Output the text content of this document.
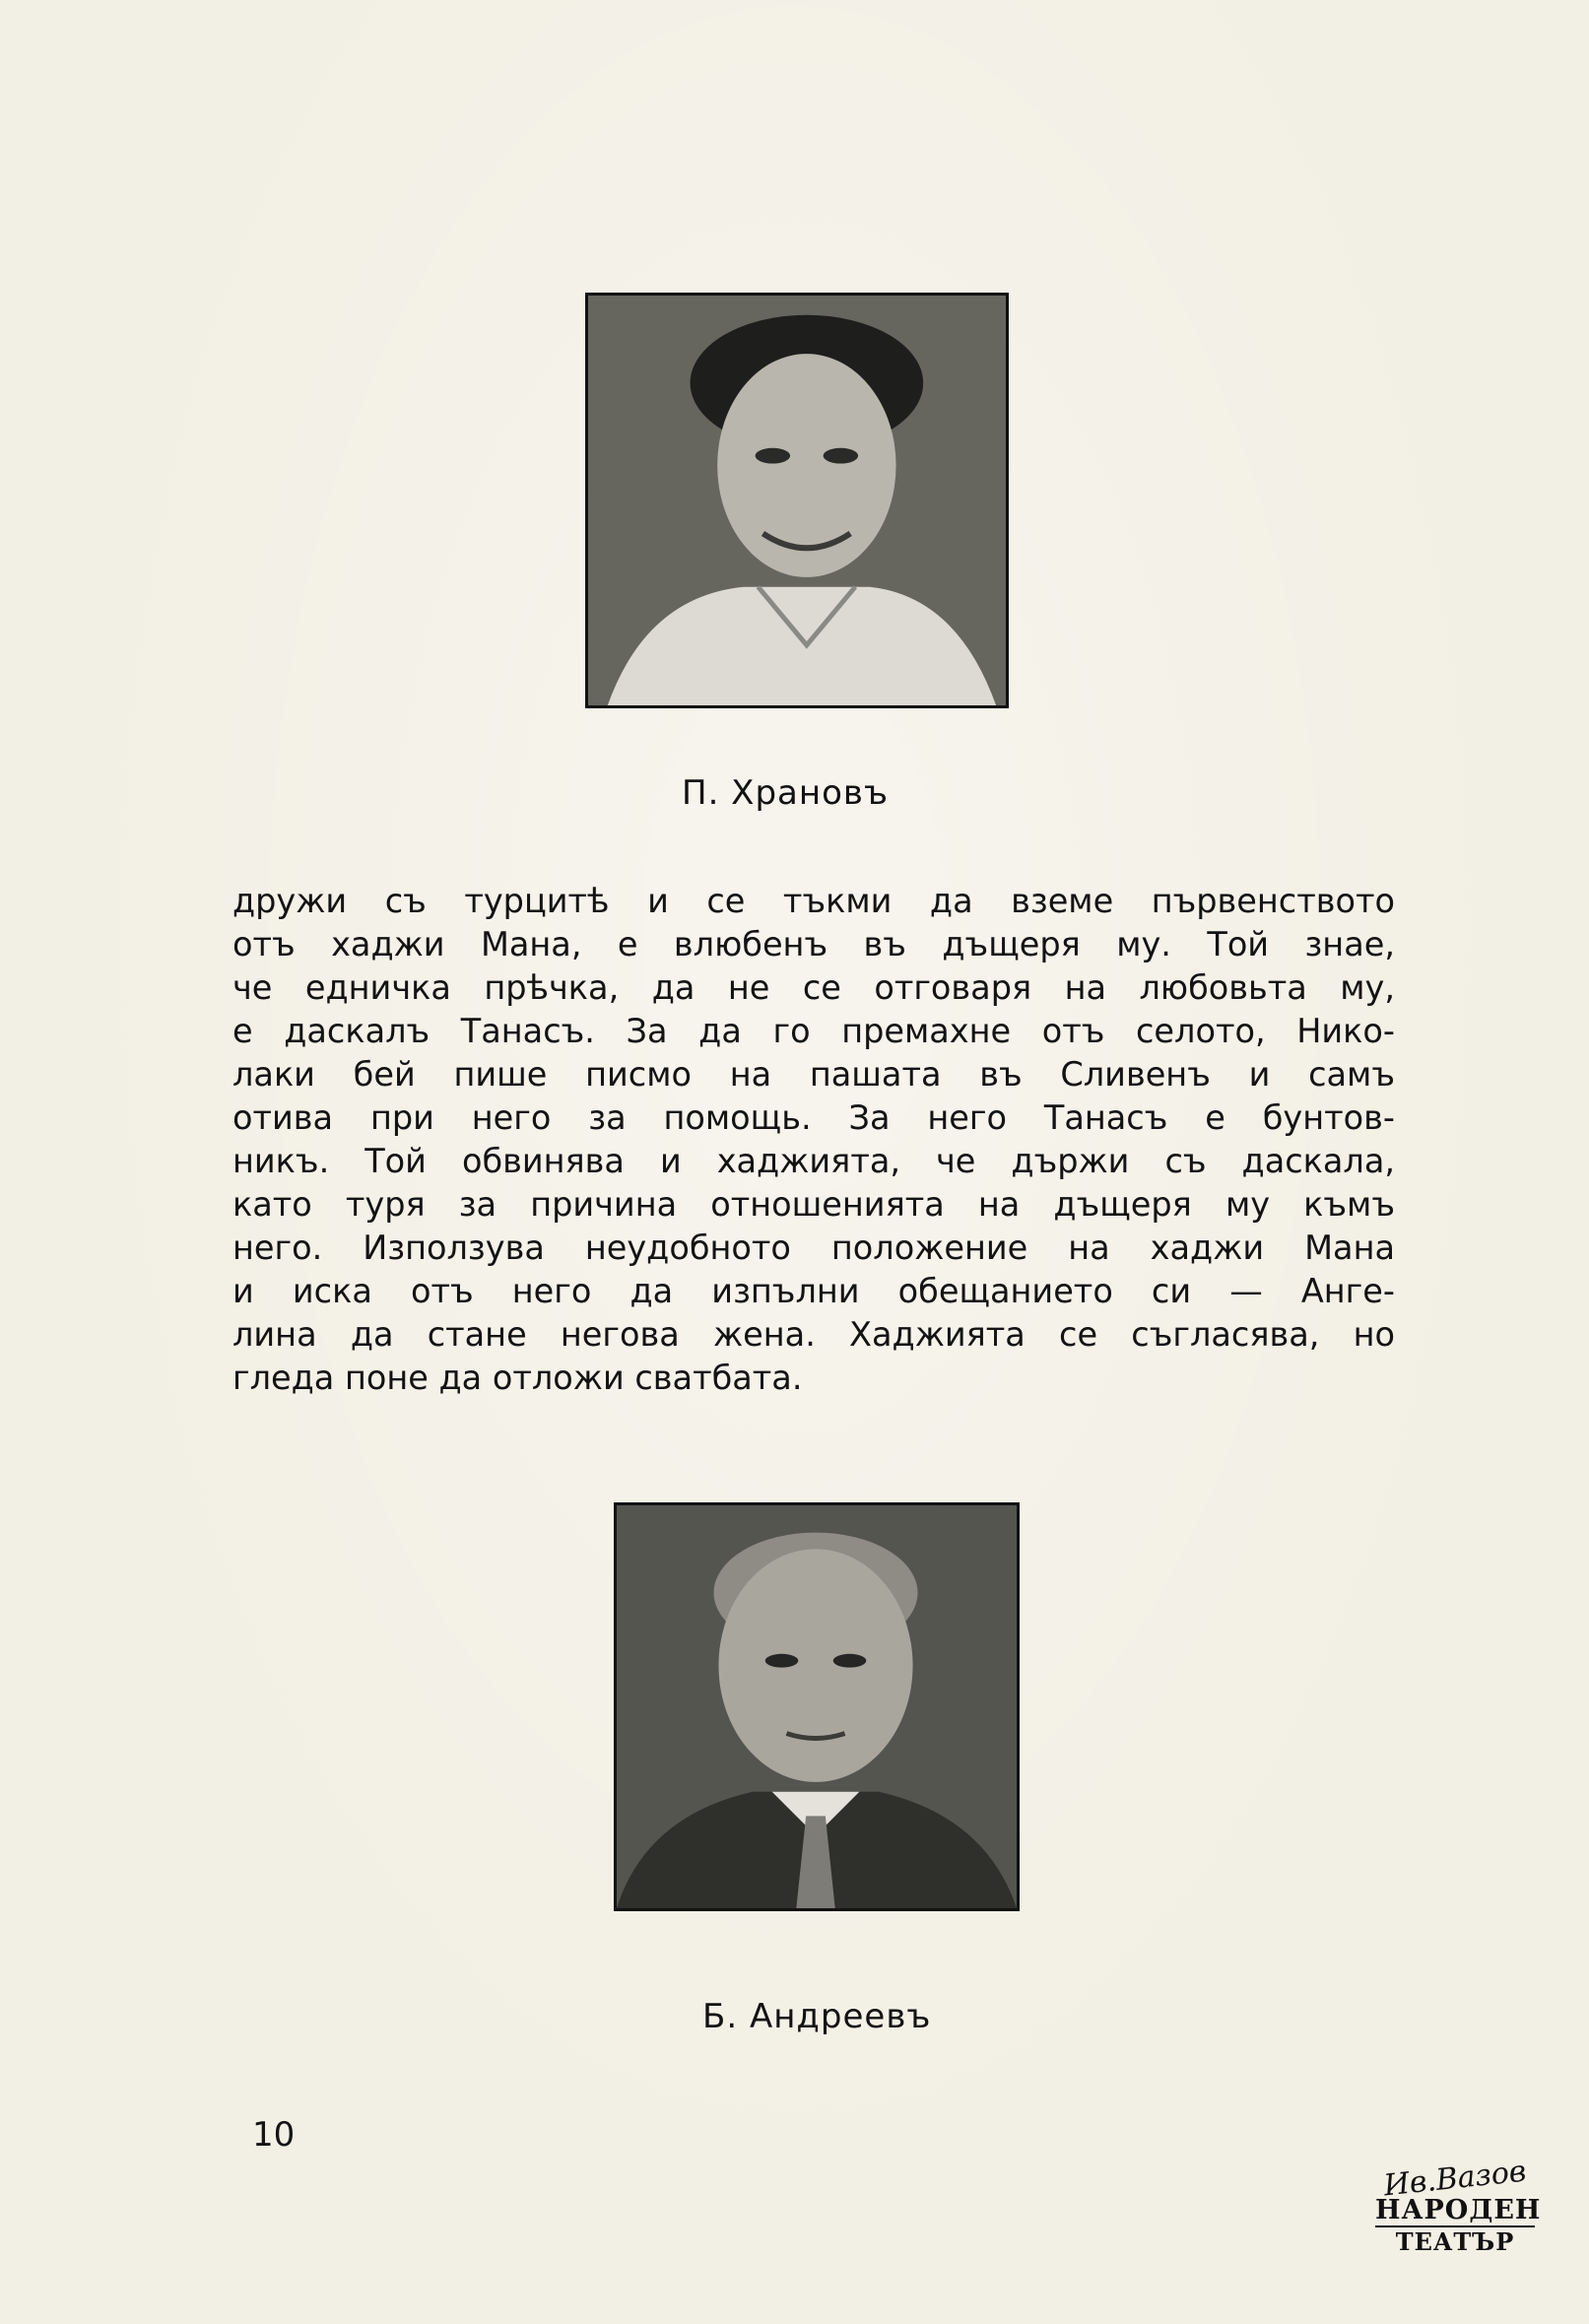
П. Храновъ
дружи съ турцитѣ и се тъкми да вземе първенството
отъ хаджи Мана, е влюбенъ въ дъщеря му. Той знае,
че едничка прѣчка, да не се отговаря на любовьта му,
е даскалъ Танасъ. За да го премахне отъ селото, Нико-
лаки бей пише писмо на пашата въ Сливенъ и самъ
отива при него за помощь. За него Танасъ е бунтов-
никъ. Той обвинява и хаджията, че държи съ даскала,
като туря за причина отношенията на дъщеря му къмъ
него. Използува неудобното положение на хаджи Мана
и иска отъ него да изпълни обещанието си — Анге-
лина да стане негова жена. Хаджията се съгласява, но
гледа поне да отложи сватбата.
Б. Андреевъ
10
Ив.Вазов
НАРОДЕН
ТЕАТЪР
